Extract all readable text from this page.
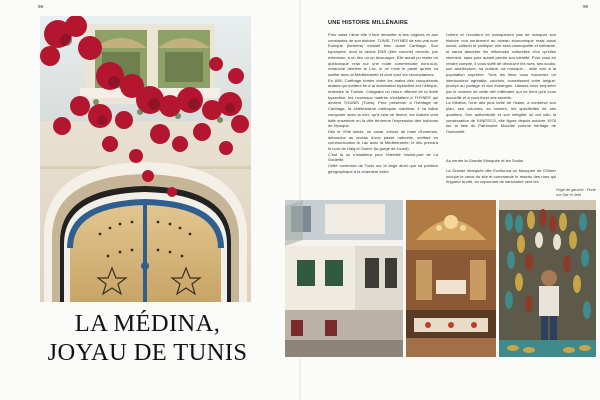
98	99
LA MÉDINA,
JOYAU DE TUNIS
UNE HISTOIRE MILLÉNAIRE

Pour saisir l'âme elle il faut remonter à ses origines et aux constantes de son histoire. TUNIS, THYNES de son vrai nom Eunique (berbère) existait bien avant Carthage. Son toponyme, dont la racine ENS (être couché) renvoie, par extension, à un lieu où on bivouaque. Elle aurait pu rester un quelconque relai sur une route commerciale nord-sud, retranché derrière le Lac, si ce n'est le pacte qu'elle va sceller avec la Méditerranée et dont voici les circonstances.

En 698, Carthage tombe entre les mains des conquérants arabes qui mettent fin à la domination byzantine sur l'Afrique, entendre la Tunisie. Craignant un retour offensif de la flotte byzantine, les nouveaux maîtres s'installent à THYNES qui devient TOUNIS (Tunis). Pour préserver à l'héritage de Carthage, la célébrissime métropole maritime, il va falloir composer avec la mer, qu'à cela ne tienne, les Arabes vont bâtir ensemble en la ville terrienne l'expression des horizons de l'époque.

Dès le VIIIe siècle, un canal, creusé de main d'hommes, débouche au niveau d'une passe naturelle, mettant en communication le Lac avec la Méditerranée; le lieu prendra le nom de Halq el Oued» (la gorge de l'oued).

C'est là où s'installera pour l'éternité l'avant-port de La Goulette.

Cette ouverture de Tunis sur le large ainsi que sa position géographique à la charnière entre

l'orient et l'occident ne manqueront pas de marquer son histoire non seulement au niveau économique mais aussi social, culturel et politique: elle sera cosmopolite et tolérante, et saura absorber les influences culturelles d'où qu'elles viennent, sans pour autant perdre son identité. Pour vous en rendre compte, il vous suffit de découvrir les rues, ses souks, son architecture, sa cuisine, sa musique… mille voix à la population suprême. Tous les lieux vous trouverez un interlocuteur agréable, courtois, connaissant votre langue, prompt au partage et aux échanges. Laissez-vous emporter par le charme de cette cité millénaire qui ne tient qu'à vous accueillir et à vous livrer ses secrets.

La Médina, l'une des plus belle de l'Islam, a conservé son plan, ses volumes, sa lumière, les spécificités de ses quartiers. Son authenticité et son intégrité lui ont valu la consécration de l'UNESCO, elle figure depuis octobre 1978 sur la liste du Patrimoine Mondial comme héritage de l'humanité.

Au centre la Grande Mosquée et les Souks
La Grande Mosquée dite Ezzitouna ou Mosquée de l'Olivier occupe le cœur du site et commande le réseau des rues qui irriguent la cité, en rayonnant de sanctuaire vers les

Page de gauche : Porte rue Dar el Jeld
